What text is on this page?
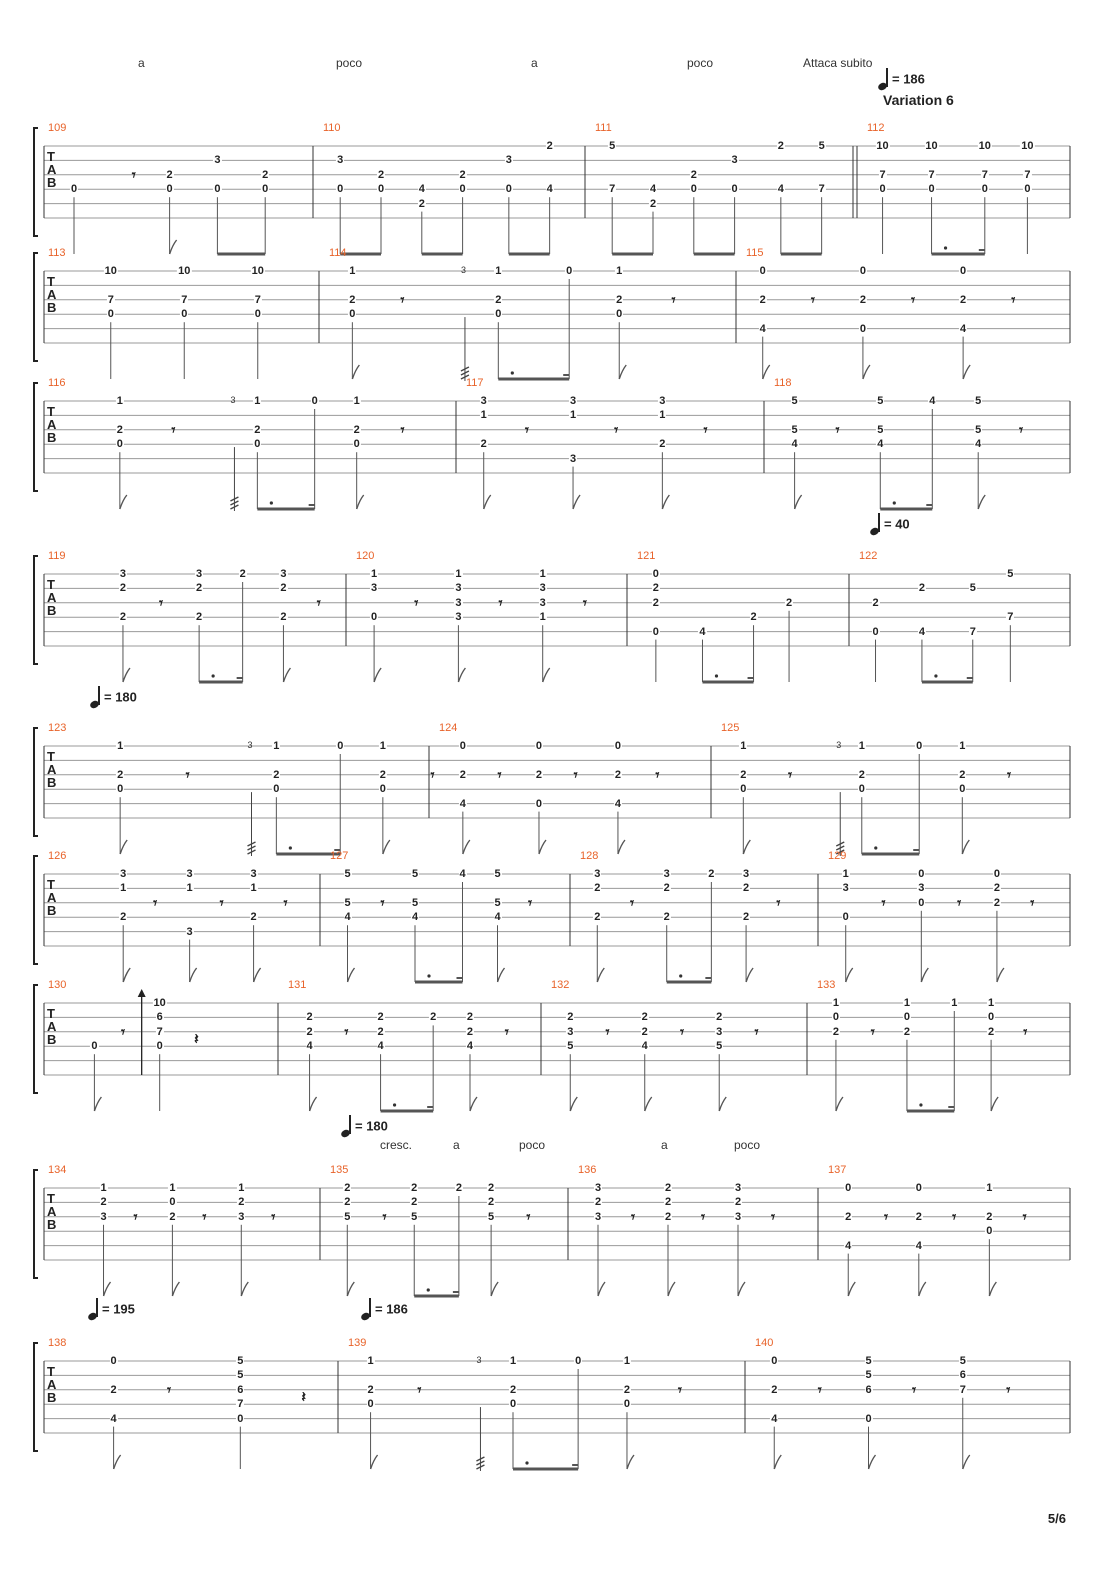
a	poco	a	poco	Attaca subito
= 186
Variation 6
= 40
= 180
= 180
cresc.	a	poco	a	poco
= 195	= 186
T
A
B
109
0
𝄾	2
0
3
0
2
0
110
3
0
2
0	4
2
2
0
3
0
2
4
111
5
7	4
2
2
0
3
0
2
4
5
7
112
10
7
0
10
7
0
10
7
0
10
7
0
T
A
B
113
10
7
0
10
7
0
10
7
0
114
1
2
0
𝄾
3	1
2
0
0	1
2
0
𝄾
115
0
2
4
𝄾
0
2
0
𝄾
0
2
4
𝄾
T
A
B
116
1
2
0
𝄾
3 1
2
0
0	1
2
0
𝄾
117
3
1
2
𝄾
3
1
3
𝄾
3
1
2
𝄾
118
5
5
4
𝄾
5
5
4
4	5
5
4
𝄾
T
A
B
119
3
2
2
𝄾
3
2
2
2	3
2
2
𝄾
120
1
3
0
𝄾
1
3
3
3
𝄾
1
3
3
1
𝄾
121
0
2
2
0	4
2
2
122
2
0
2
4
5
7
5
7
T
A
B
123
1
2
0
𝄾
3 1
2
0
0	1
2
0
𝄾
124
0
2
4
𝄾
0
2
0
𝄾
0
2
4
𝄾
125
1
2
0
𝄾
3 1
2
0
0	1
2
0
𝄾
T
A
B
126
3
1
2
𝄾
3
1
3
𝄾
3
1
2
𝄾
127
5
5
4
𝄾
5
5
4
4	5
5
4
𝄾
128
3
2
2
𝄾
3
2
2
2	3
2
2
𝄾
129
1
3
0
𝄾
0
3
0 𝄾
0
2
2 𝄾
T
A
B
130
0
𝄾
10
6
7
0 𝄽
131
2
2
4
𝄾
2
2
4
2	2
2
4
𝄾
132
2
3
5
𝄾
2
2
4
𝄾
2
3
5
𝄾
133
1
0
2 𝄾
1
0
2
1	1
0
2 𝄾
T
A
B
134
1
2
3 𝄾
1
0
2 𝄾
1
2
3 𝄾
135
2
2
5 𝄾
2
2
5
2 2
2
5 𝄾
136
3
2
3 𝄾
2
2
2 𝄾
3
2
3 𝄾
137
0
2
4
𝄾
0
2
4
𝄾
1
2
0
𝄾
T
A
B
138
0
2
4
𝄾
5
5
6
7
0
𝄽
139
1
2
0
𝄾
3	1
2
0
0	1
2
0
𝄾
140
0
2
4
𝄾
5
5
6
0
𝄾
5
6
7	𝄾
5/6
